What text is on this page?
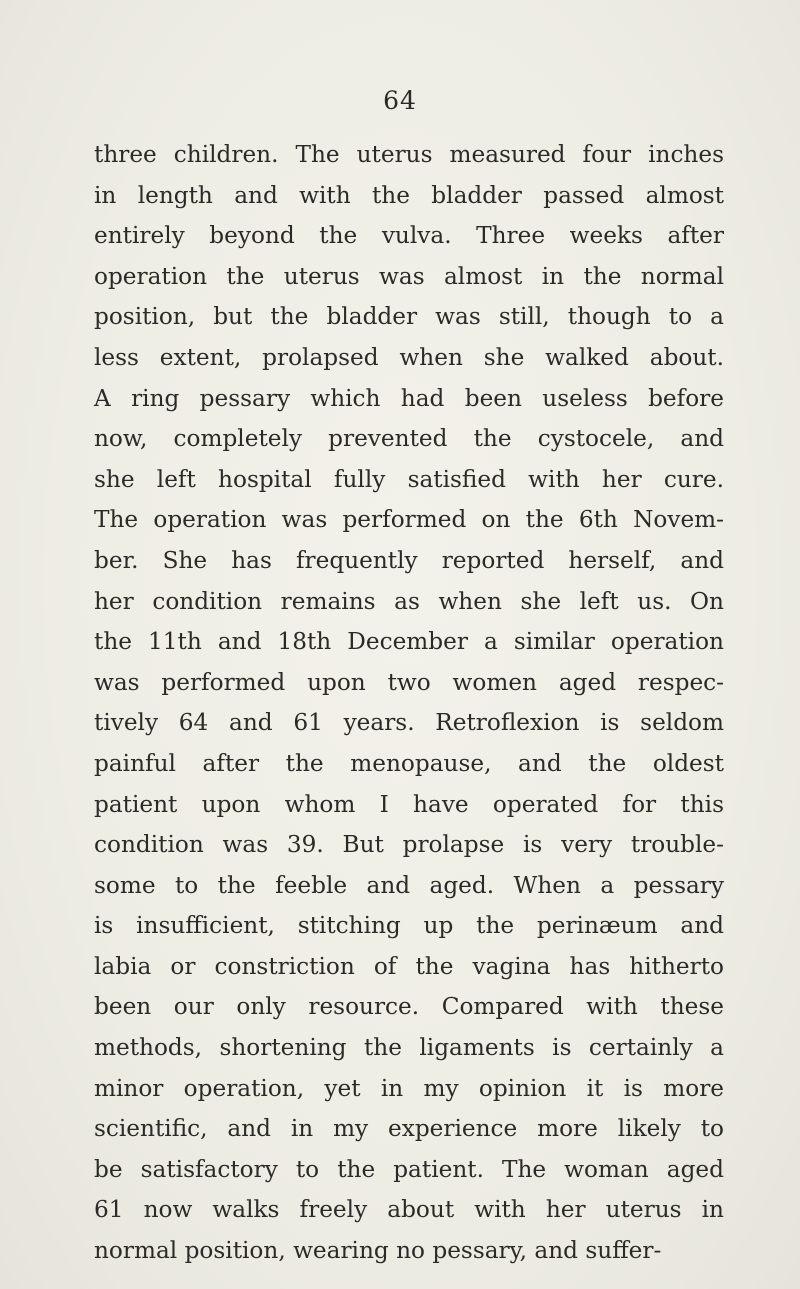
64
three children. The uterus measured four inches
in length and with the bladder passed almost
entirely beyond the vulva. Three weeks after
operation the uterus was almost in the normal
position, but the bladder was still, though to a
less extent, prolapsed when she walked about.
A ring pessary which had been useless before
now, completely prevented the cystocele, and
she left hospital fully satisfied with her cure.
The operation was performed on the 6th Novem-
ber. She has frequently reported herself, and
her condition remains as when she left us. On
the 11th and 18th December a similar operation
was performed upon two women aged respec-
tively 64 and 61 years. Retroflexion is seldom
painful after the menopause, and the oldest
patient upon whom I have operated for this
condition was 39. But prolapse is very trouble-
some to the feeble and aged. When a pessary
is insufficient, stitching up the perinæum and
labia or constriction of the vagina has hitherto
been our only resource. Compared with these
methods, shortening the ligaments is certainly a
minor operation, yet in my opinion it is more
scientific, and in my experience more likely to
be satisfactory to the patient. The woman aged
61 now walks freely about with her uterus in
normal position, wearing no pessary, and suffer-
